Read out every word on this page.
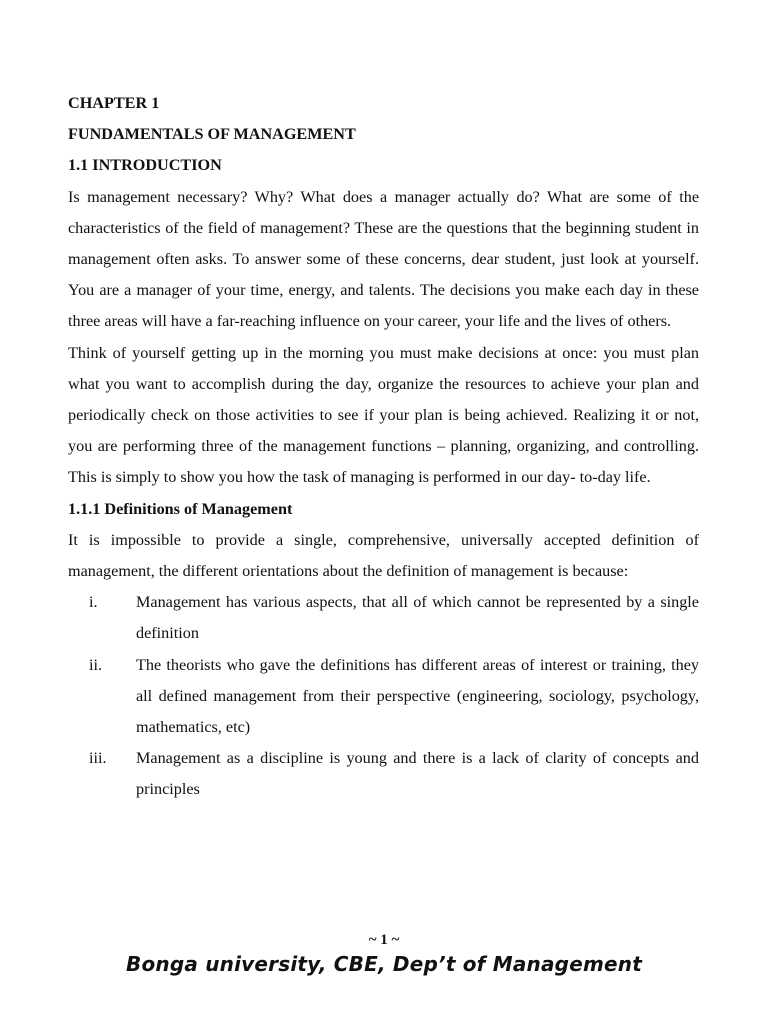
CHAPTER 1

FUNDAMENTALS OF MANAGEMENT

1.1 INTRODUCTION

Is management necessary? Why? What does a manager actually do? What are some of the characteristics of the field of management? These are the questions that the beginning student in management often asks. To answer some of these concerns, dear student, just look at yourself. You are a manager of your time, energy, and talents. The decisions you make each day in these three areas will have a far-reaching influence on your career, your life and the lives of others.

Think of yourself getting up in the morning you must make decisions at once: you must plan what you want to accomplish during the day, organize the resources to achieve your plan and periodically check on those activities to see if your plan is being achieved. Realizing it or not, you are performing three of the management functions – planning, organizing, and controlling. This is simply to show you how the task of managing is performed in our day- to-day life.

1.1.1 Definitions of Management

It is impossible to provide a single, comprehensive, universally accepted definition of management, the different orientations about the definition of management is because:

i.	Management has various aspects, that all of which cannot be represented by a single definition
ii.	The theorists who gave the definitions has different areas of interest or training, they all defined management from their perspective (engineering, sociology, psychology, mathematics, etc)
iii.	Management as a discipline is young and there is a lack of clarity of concepts and principles
~ 1 ~
Bonga university, CBE, Dep’t of Management
